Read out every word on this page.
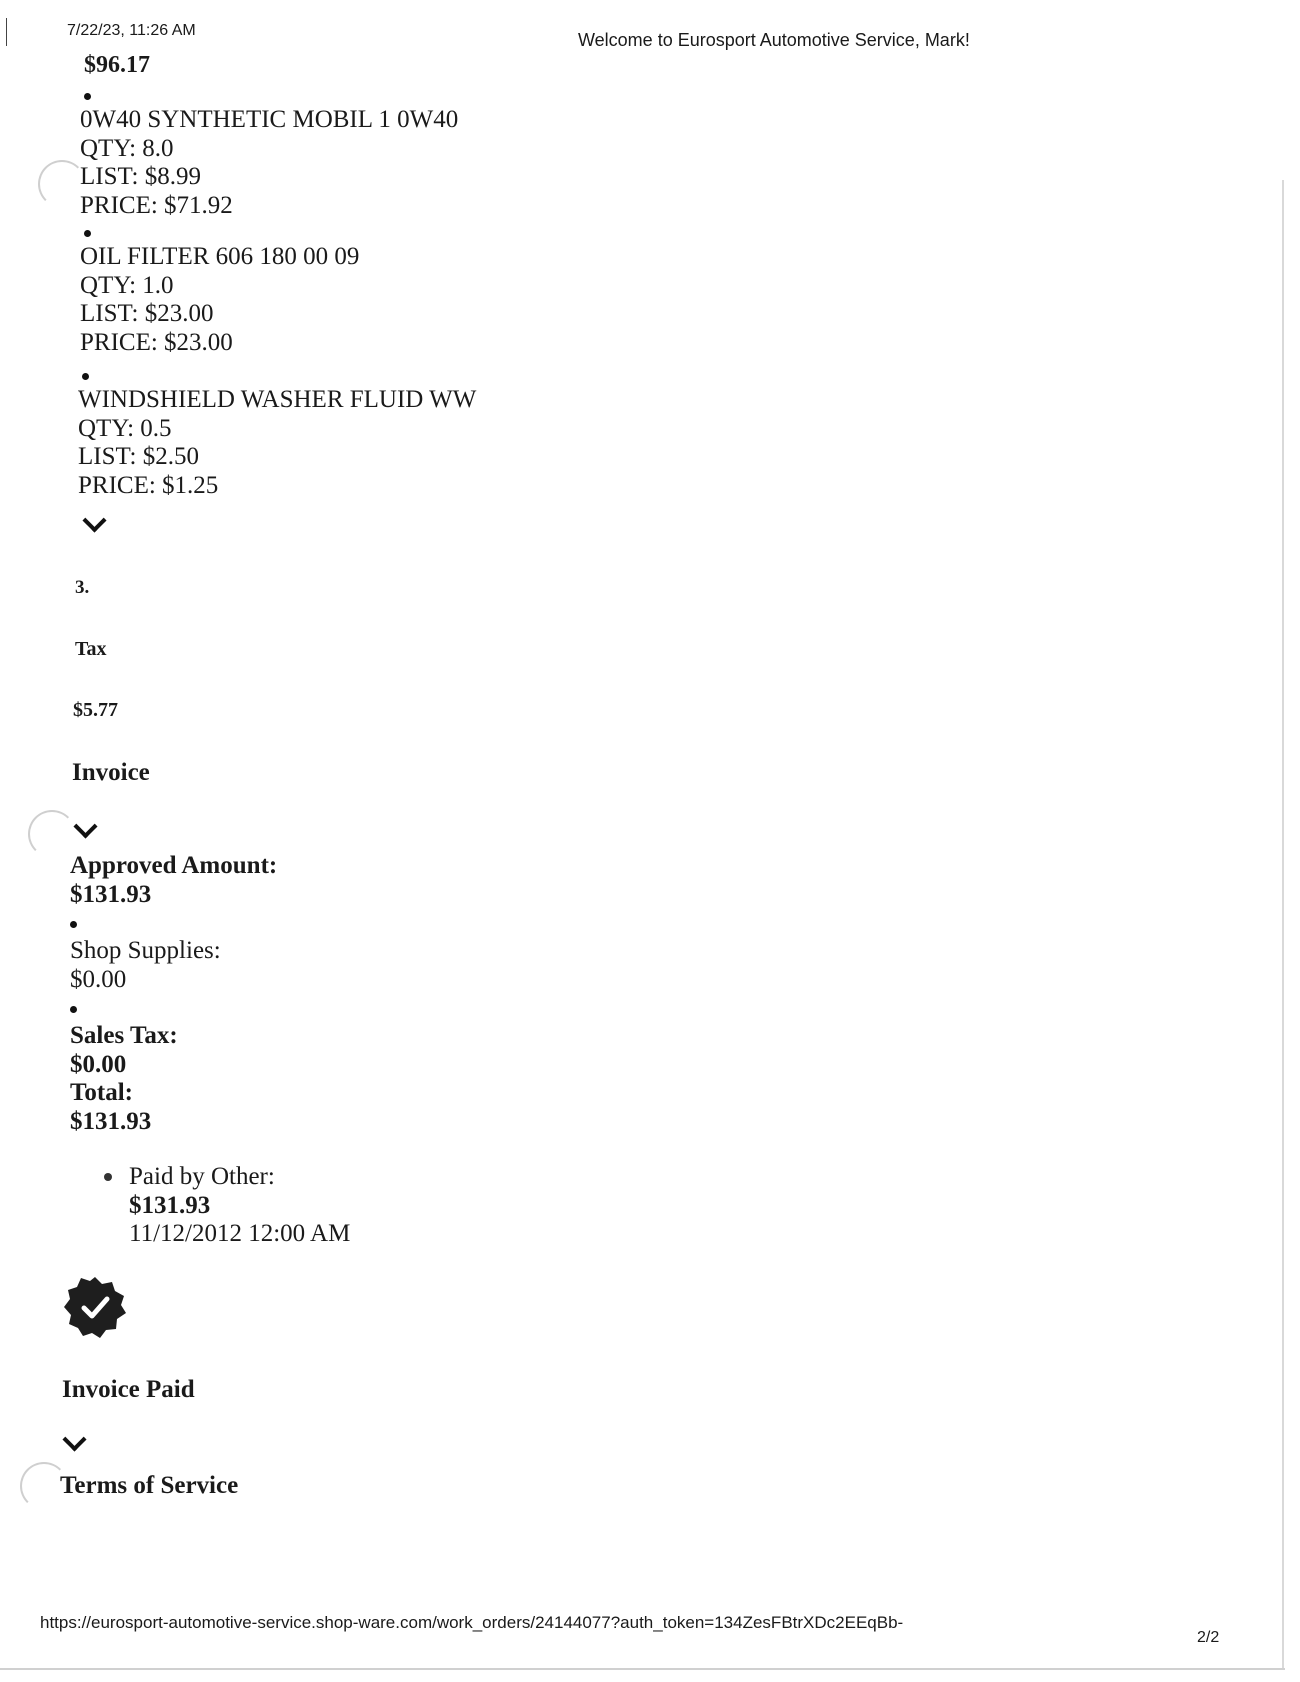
7/22/23, 11:26 AM	Welcome to Eurosport Automotive Service, Mark!
$96.17
0W40 SYNTHETIC MOBIL 1 0W40
QTY: 8.0
LIST: $8.99
PRICE: $71.92
OIL FILTER 606 180 00 09
QTY: 1.0
LIST: $23.00
PRICE: $23.00
WINDSHIELD WASHER FLUID WW
QTY: 0.5
LIST: $2.50
PRICE: $1.25
3.
Tax
$5.77
Invoice
Approved Amount:
$131.93
Shop Supplies:
$0.00
Sales Tax:
$0.00
Total:
$131.93
Paid by Other:
$131.93
11/12/2012 12:00 AM
Invoice Paid
Terms of Service
https://eurosport-automotive-service.shop-ware.com/work_orders/24144077?auth_token=134ZesFBtrXDc2EEqBb-
2/2
